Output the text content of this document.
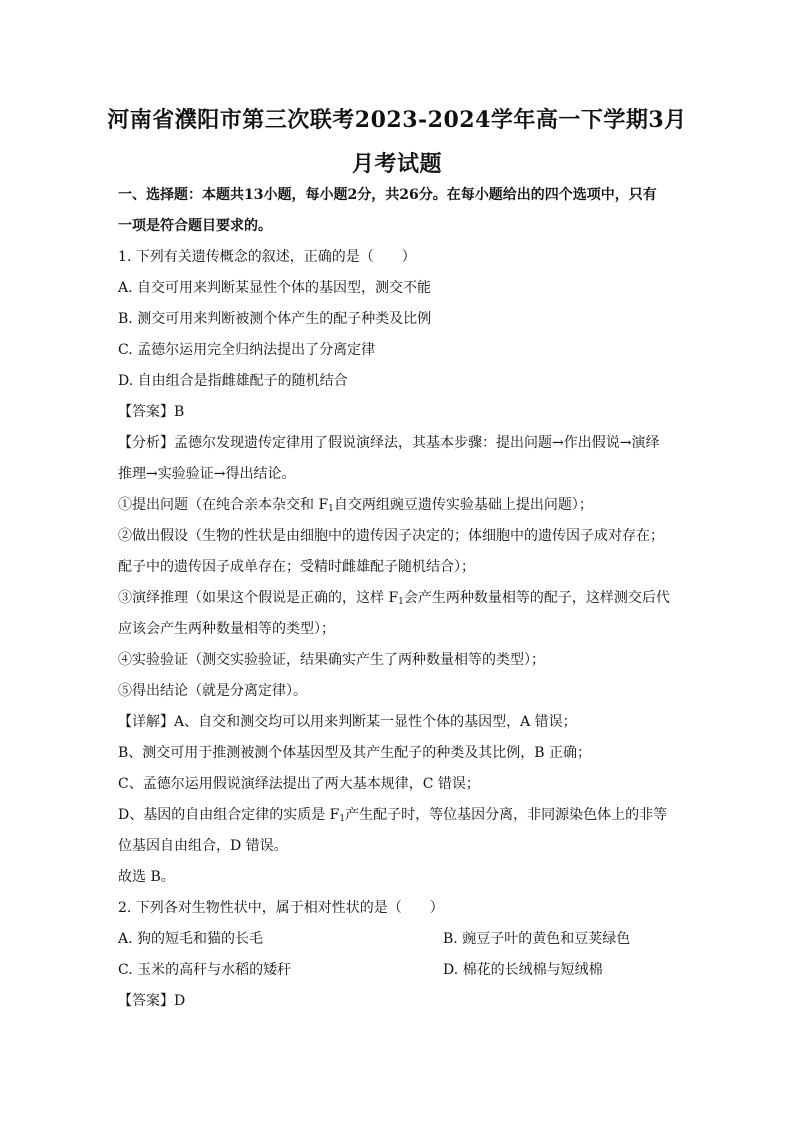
河南省濮阳市第三次联考2023-2024学年高一下学期3月
月考试题
一、选择题：本题共13小题，每小题2分，共26分。在每小题给出的四个选项中，只有
一项是符合题目要求的。
1. 下列有关遗传概念的叙述，正确的是（　　）
A. 自交可用来判断某显性个体的基因型，测交不能
B. 测交可用来判断被测个体产生的配子种类及比例
C. 孟德尔运用完全归纳法提出了分离定律
D. 自由组合是指雌雄配子的随机结合
【答案】B
【分析】孟德尔发现遗传定律用了假说演绎法，其基本步骤：提出问题→作出假说→演绎
推理→实验验证→得出结论。
①提出问题（在纯合亲本杂交和 $F_1$自交两组豌豆遗传实验基础上提出问题）；
②做出假设（生物的性状是由细胞中的遗传因子决定的；体细胞中的遗传因子成对存在；
配子中的遗传因子成单存在；受精时雌雄配子随机结合）；
③演绎推理（如果这个假说是正确的，这样 $F_1$会产生两种数量相等的配子，这样测交后代
应该会产生两种数量相等的类型）；
④实验验证（测交实验验证，结果确实产生了两种数量相等的类型）；
⑤得出结论（就是分离定律）。
【详解】A、自交和测交均可以用来判断某一显性个体的基因型，A 错误；
B、测交可用于推测被测个体基因型及其产生配子的种类及其比例，B 正确；
C、孟德尔运用假说演绎法提出了两大基本规律，C 错误；
D、基因的自由组合定律的实质是 $F_1$产生配子时，等位基因分离，非同源染色体上的非等
位基因自由组合，D 错误。
故选 B。
2. 下列各对生物性状中，属于相对性状的是（　　）
A. 狗的短毛和猫的长毛	B. 豌豆子叶的黄色和豆荚绿色
C. 玉米的高秆与水稻的矮秆	D. 棉花的长绒棉与短绒棉
【答案】D
